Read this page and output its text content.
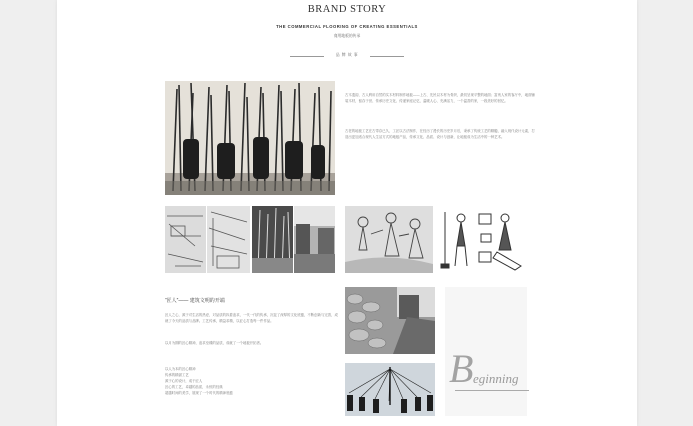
BRAND STORY
THE COMMERCIAL FLOORING OF CREATING ESSENTIALS
商用地板的传承
品 牌 故 事
古木遗韵，古人利用自然的实木材料制作地板——上古、先民以木材为骨织，最初呈现平整的地面；富贵人家的客厅中，地面铺装木材，留存于世、传承历史文化、传递家庭记忆、温暖人心、充满活力，一个温香的家，一段美好的回忆。
古老的地板工艺在古带存已久，工匠以古法制作，在经历了漫长的历史岁月后，秉承了传统工艺的精髓，融入现代设计元素，打造出更加适合现代人生活方式的地板产品，传承文化、品质、设计与创新，让地板成为生活中的一种艺术。
“匠人”—— 建筑文明的开端
匠人之心，源于对生活的热爱，对品质的执着追求，一代一代的传承，沉淀了深厚的文化底蕴，不断创新与完善，成就了今天的品质与品牌。工艺传承，精益求精，以匠心打造每一件作品。
以月为期的匠心精神，追求至臻的品质，成就了一个地板开拓者。
以人为本的匠心精神
传承的精湛工艺
源于心的设计，成于匠人
匠心的工艺，卓越的品质，永恒的经典
超越时间的美学，展现了一个时代的精神底蕴
B eginning
